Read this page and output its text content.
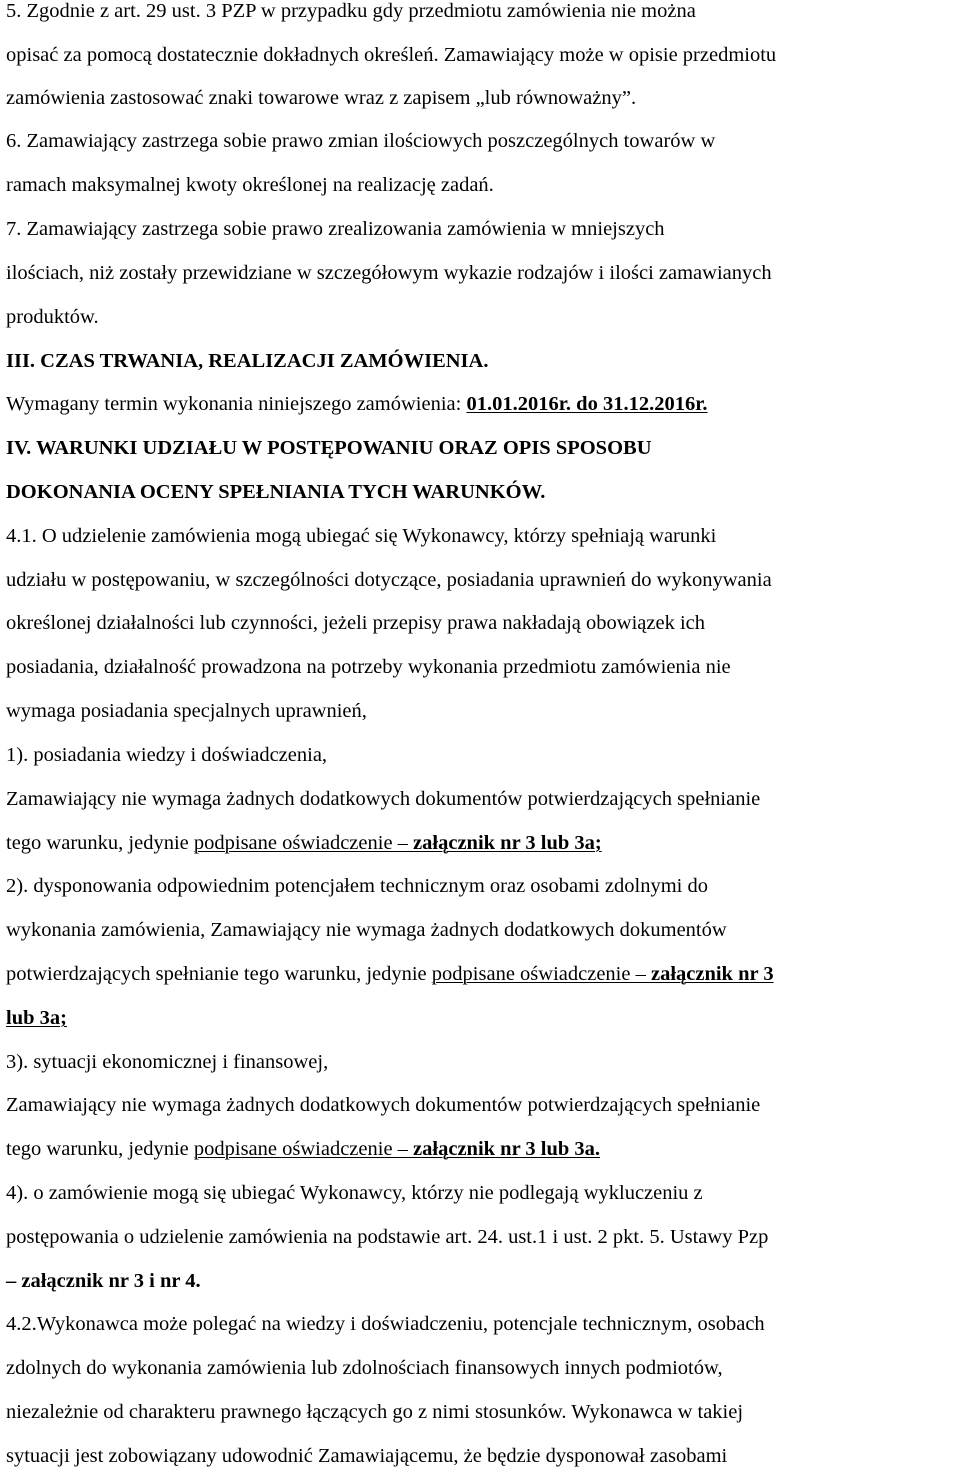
5. Zgodnie z art. 29 ust. 3 PZP w przypadku gdy przedmiotu zamówienia nie można
opisać za pomocą dostatecznie dokładnych określeń. Zamawiający może w opisie przedmiotu
zamówienia zastosować znaki towarowe wraz z zapisem „lub równoważny”.
6. Zamawiający zastrzega sobie prawo zmian ilościowych poszczególnych towarów w
ramach maksymalnej kwoty określonej na realizację zadań.
7. Zamawiający zastrzega sobie prawo zrealizowania zamówienia w mniejszych
ilościach, niż zostały przewidziane w szczegółowym wykazie rodzajów i ilości zamawianych
produktów.
III. CZAS TRWANIA, REALIZACJI ZAMÓWIENIA.
Wymagany termin wykonania niniejszego zamówienia: 01.01.2016r. do 31.12.2016r.
IV. WARUNKI UDZIAŁU W POSTĘPOWANIU ORAZ OPIS SPOSOBU
DOKONANIA OCENY SPEŁNIANIA TYCH WARUNKÓW.
4.1. O udzielenie zamówienia mogą ubiegać się Wykonawcy, którzy spełniają warunki
udziału w postępowaniu, w szczególności dotyczące, posiadania uprawnień do wykonywania
określonej działalności lub czynności, jeżeli przepisy prawa nakładają obowiązek ich
posiadania, działalność prowadzona na potrzeby wykonania przedmiotu zamówienia nie
wymaga posiadania specjalnych uprawnień,
1). posiadania wiedzy i doświadczenia,
Zamawiający nie wymaga żadnych dodatkowych dokumentów potwierdzających spełnianie
tego warunku, jedynie podpisane oświadczenie – załącznik nr 3 lub 3a;
2). dysponowania odpowiednim potencjałem technicznym oraz osobami zdolnymi do
wykonania zamówienia, Zamawiający nie wymaga żadnych dodatkowych dokumentów
potwierdzających spełnianie tego warunku, jedynie podpisane oświadczenie – załącznik nr 3
lub 3a;
3). sytuacji ekonomicznej i finansowej,
Zamawiający nie wymaga żadnych dodatkowych dokumentów potwierdzających spełnianie
tego warunku, jedynie podpisane oświadczenie – załącznik nr 3 lub 3a.
4). o zamówienie mogą się ubiegać Wykonawcy, którzy nie podlegają wykluczeniu z
postępowania o udzielenie zamówienia na podstawie art. 24. ust.1 i ust. 2 pkt. 5. Ustawy Pzp
– załącznik nr 3 i nr 4.
4.2.Wykonawca może polegać na wiedzy i doświadczeniu, potencjale technicznym, osobach
zdolnych do wykonania zamówienia lub zdolnościach finansowych innych podmiotów,
niezależnie od charakteru prawnego łączących go z nimi stosunków. Wykonawca w takiej
sytuacji jest zobowiązany udowodnić Zamawiającemu, że będzie dysponował zasobami
